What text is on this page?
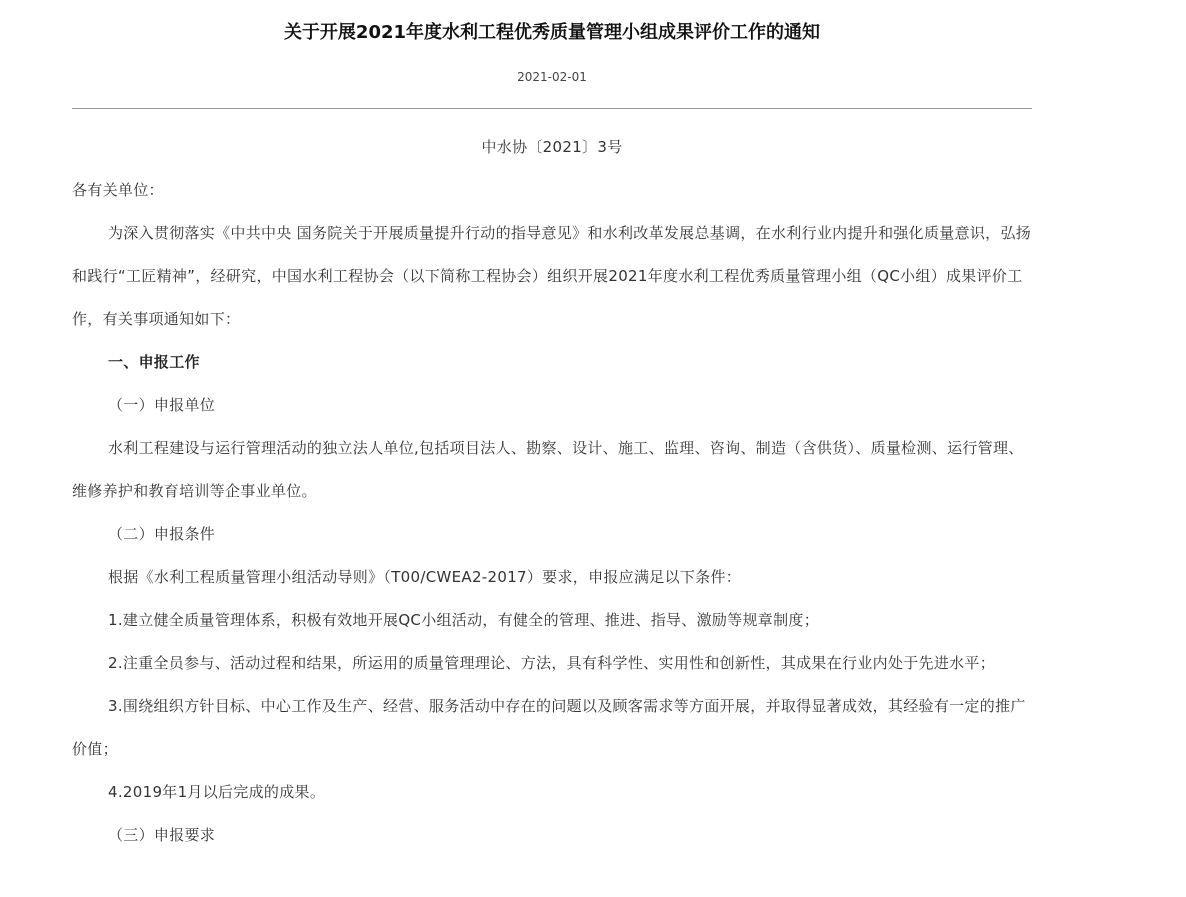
关于开展2021年度水利工程优秀质量管理小组成果评价工作的通知
2021-02-01

中水协〔2021〕3号

各有关单位：

为深入贯彻落实《中共中央 国务院关于开展质量提升行动的指导意见》和水利改革发展总基调，在水利行业内提升和强化质量意识，弘扬和践行“工匠精神”，经研究，中国水利工程协会（以下简称工程协会）组织开展2021年度水利工程优秀质量管理小组（QC小组）成果评价工作，有关事项通知如下：

一、申报工作

（一）申报单位

水利工程建设与运行管理活动的独立法人单位,包括项目法人、勘察、设计、施工、监理、咨询、制造（含供货）、质量检测、运行管理、维修养护和教育培训等企事业单位。

（二）申报条件

根据《水利工程质量管理小组活动导则》（T00/CWEA2-2017）要求，申报应满足以下条件：

1.建立健全质量管理体系，积极有效地开展QC小组活动，有健全的管理、推进、指导、激励等规章制度；

2.注重全员参与、活动过程和结果，所运用的质量管理理论、方法，具有科学性、实用性和创新性，其成果在行业内处于先进水平；

3.围绕组织方针目标、中心工作及生产、经营、服务活动中存在的问题以及顾客需求等方面开展，并取得显著成效，其经验有一定的推广价值；

4.2019年1月以后完成的成果。

（三）申报要求
